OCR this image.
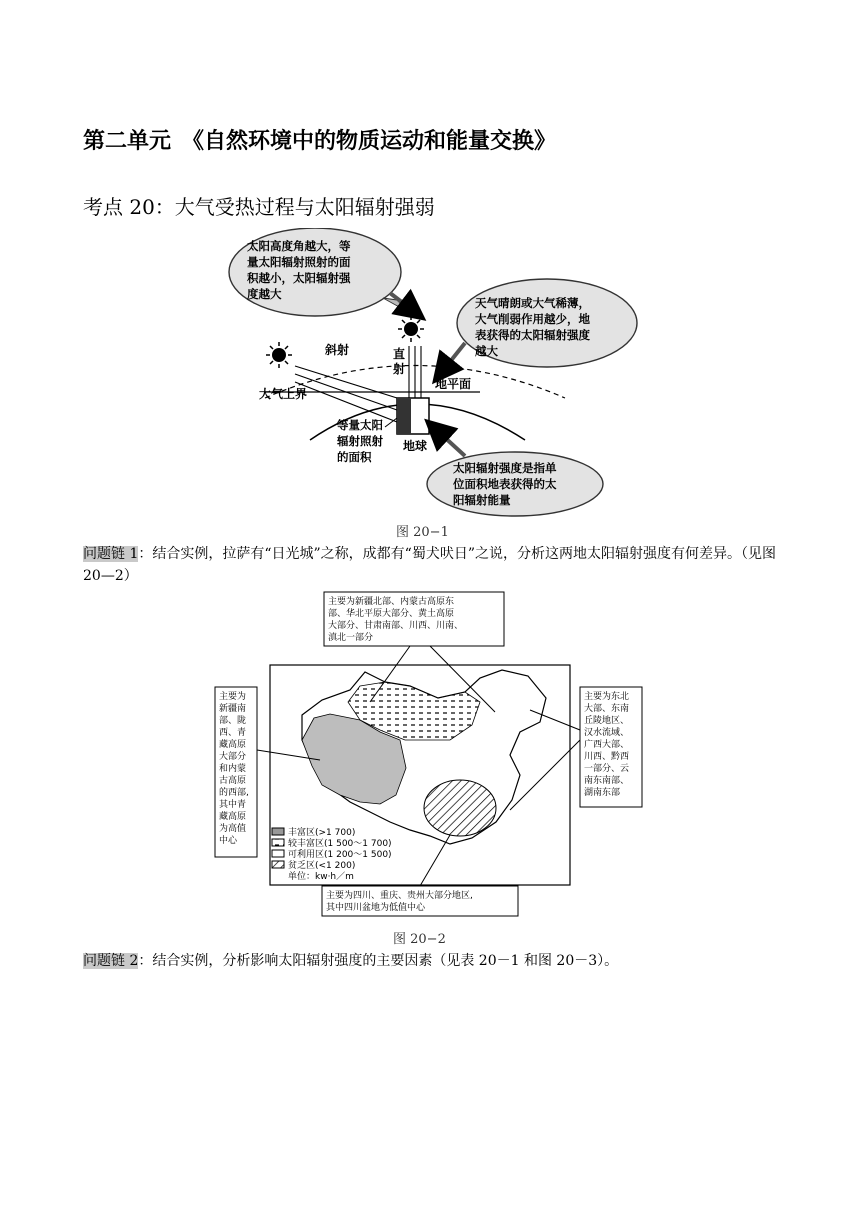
第二单元　《自然环境中的物质运动和能量交换》
考点 20：大气受热过程与太阳辐射强弱
太阳高度角越大，等 量太阳辐射照射的面 积越小，太阳辐射强 度越大
天气晴朗或大气稀薄， 大气削弱作用越少，地 表获得的太阳辐射强度 越大
斜射	直 射
地平面
大气上界
等量太阳 辐射照射 的面积
地球
太阳辐射强度是指单 位面积地表获得的太 阳辐射能量
图 20−1
问题链 1：结合实例，拉萨有“日光城”之称，成都有“蜀犬吠日”之说，分析这两地太阳辐射强度有何差异。（见图 20—2）
主要为新疆北部、内蒙古高原东 部、华北平原大部分、黄土高原 大部分、甘肃南部、川西、川南、 滇北一部分
主要为 新疆南 部、陇 西、青 藏高原 大部分 和内蒙 古高原 的西部, 其中青 藏高原 为高值 中心
主要为东北 大部、东南 丘陵地区、 汉水流域、 广西大部、 川西、黔西 一部分、云 南东南部、 湖南东部
丰富区(>1 700) 较丰富区(1 500～1 700) 可利用区(1 200～1 500) 贫乏区(<1 200) 单位：kw·h／m
主要为四川、重庆、贵州大部分地区, 其中四川盆地为低值中心
图 20−2
问题链 2：结合实例，分析影响太阳辐射强度的主要因素（见表 20－1 和图 20－3）。
